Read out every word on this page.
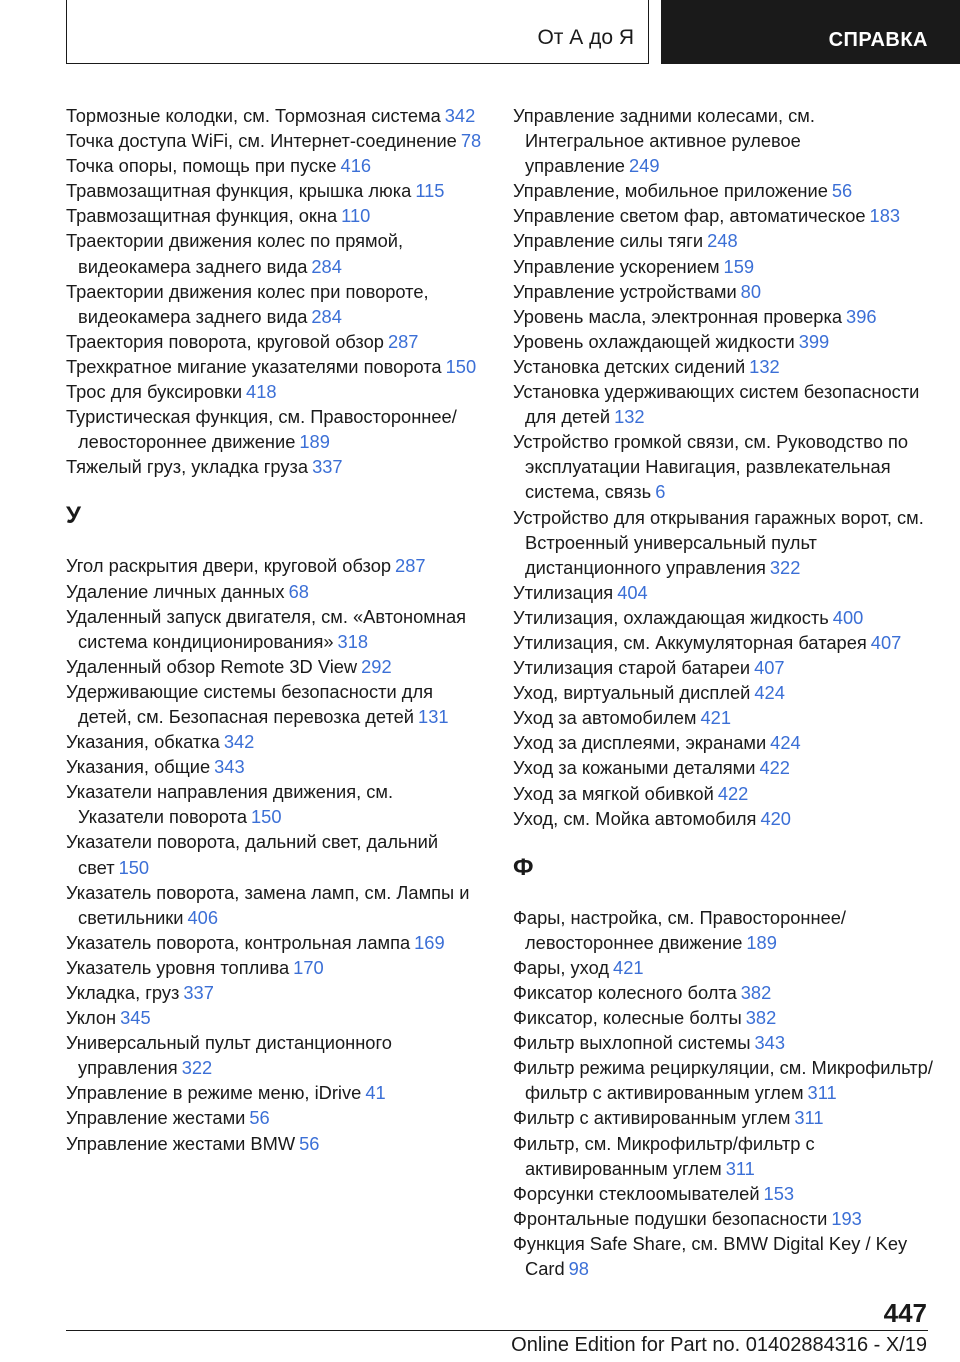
От А до Я	СПРАВКА
Тормозные колодки, см. Тормозная система 342
Точка доступа WiFi, см. Интернет-соединение 78
Точка опоры, помощь при пуске 416
Травмозащитная функция, крышка люка 115
Травмозащитная функция, окна 110
Траектории движения колес по прямой, видеокамера заднего вида 284
Траектории движения колес при повороте, видеокамера заднего вида 284
Траектория поворота, круговой обзор 287
Трехкратное мигание указателями поворота 150
Трос для буксировки 418
Туристическая функция, см. Правостороннее/левостороннее движение 189
Тяжелый груз, укладка груза 337
У
Угол раскрытия двери, круговой обзор 287
Удаление личных данных 68
Удаленный запуск двигателя, см. «Автономная система кондиционирования» 318
Удаленный обзор Remote 3D View 292
Удерживающие системы безопасности для детей, см. Безопасная перевозка детей 131
Указания, обкатка 342
Указания, общие 343
Указатели направления движения, см. Указатели поворота 150
Указатели поворота, дальний свет, дальний свет 150
Указатель поворота, замена ламп, см. Лампы и светильники 406
Указатель поворота, контрольная лампа 169
Указатель уровня топлива 170
Укладка, груз 337
Уклон 345
Универсальный пульт дистанционного управления 322
Управление в режиме меню, iDrive 41
Управление жестами 56
Управление жестами BMW 56
Управление задними колесами, см. Интегральное активное рулевое управление 249
Управление, мобильное приложение 56
Управление светом фар, автоматическое 183
Управление силы тяги 248
Управление ускорением 159
Управление устройствами 80
Уровень масла, электронная проверка 396
Уровень охлаждающей жидкости 399
Установка детских сидений 132
Установка удерживающих систем безопасности для детей 132
Устройство громкой связи, см. Руководство по эксплуатации Навигация, развлекательная система, связь 6
Устройство для открывания гаражных ворот, см. Встроенный универсальный пульт дистанционного управления 322
Утилизация 404
Утилизация, охлаждающая жидкость 400
Утилизация, см. Аккумуляторная батарея 407
Утилизация старой батареи 407
Уход, виртуальный дисплей 424
Уход за автомобилем 421
Уход за дисплеями, экранами 424
Уход за кожаными деталями 422
Уход за мягкой обивкой 422
Уход, см. Мойка автомобиля 420
Ф
Фары, настройка, см. Правостороннее/левостороннее движение 189
Фары, уход 421
Фиксатор колесного болта 382
Фиксатор, колесные болты 382
Фильтр выхлопной системы 343
Фильтр режима рециркуляции, см. Микрофильтр/фильтр с активированным углем 311
Фильтр с активированным углем 311
Фильтр, см. Микрофильтр/фильтр с активированным углем 311
Форсунки стеклоомывателей 153
Фронтальные подушки безопасности 193
Функция Safe Share, см. BMW Digital Key / Key Card 98
447
Online Edition for Part no. 01402884316 - X/19
